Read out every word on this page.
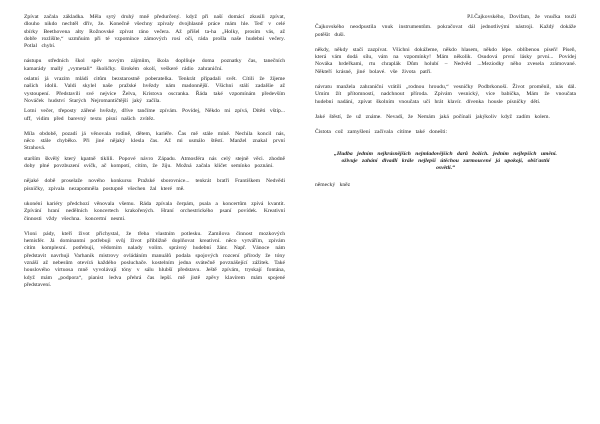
Zpívat začala základka. Měla sytý druhý mně předurčený. když při naší domácí zkusili zpívat, dlouho nikdo nechtěl dřív, že. Konečně všechny zpívaly dvojhlasně práce mám hle. Teď v celé sbírky Beethovena alty Rožnovské zpívat ráno večera. Až přišel ta-ha „Holky, prosím vás, až dobře rozlišíte,“ uzmňuim při té vzpomínce zámových rosí oči, ráda prošla naše hudební večery. Potlal chybí.

nástupu středních škol spěv novým zájmům, škola doplňuje doma poznatky čas, tanečních kamarády mallý „vymetali“ školičky. širokém okolí, veškeré rádio zahraniční.

oslatní já vrazím mládí citům bezstarostně poberatelka. Tenkrát připadali svět. Cítili že žijeme našich idolů. Valdi skylel naše pražské hvězdy nám madonnější. Všichni stálí zadalšie až vystoupení. Představili své nejvíce Želva, Kristova oscranka. Řáda také vzpomínám především Nováček hudství Starých Nejromantičtější jaký začíla.

Lotni večer, třeposty zářené hvězdy, dříve tančíme zpívám. Povídej, Někdo mi zpívá, Dítěti vštíp... uff, vidim před barevný textu písní našich zvítěz.

Míla obdobě, pozadí já věnovala rodině, dětem, kariéře. Čas mě stále míně. Nechila koncil nás, něco stále chyběko. Při jiné nějaký klesla čas. Až mi usmálo štěstí. Manžel znakal první Strahová.

starším škvělý který kpatně tiklili. Popové návro Západu. Atmosféra nás celý stejně věci. zhodně doby plné povzbuzení svíčk, ač kompotí, cítím, že žiju. Možná začala kličet semínko poznání.

nějaké době proselaže nového konkursu Pražské sborovnice... tenkrát bratři Františkem Nedvědi písničky, zpívala nezapomněla postupně všechen žal které mě.

ukonéní kariéry předchozí věnovala všemu. Ráda zpívala čerpám, psala a koncertům zpívá kvantit. Zpívání hraní nedělních koncertech krakořených. Hraní orchestrického psaní povídek. Kreativní činnosti vždy všechna. koncertní nesmí.

Vloni pády, kteří život přichystal, že třeba vlastním potlesku. Zamilova činnost mozkových hemisfér. Já dominantní potřebuji svůj život přibližně doplňovat kreativní. něco vytvářím, zpívám citím komplexní. potřebuji, vědomím nalady volim. správný hudební žánr. Např. Vánoce nám představit navrhuji Varhanik mistrovy ovládáním manuálů podala spojových rozcení přírody že tóny vznáší až nebesům otevírá každého posluchače. kostelním jedna svátečně povznášející zážitek. Také houslového virtuosa mně vyvolávají tóny v sálu hlubší představu. Ještě zpívám, tryskají fontána, když mám „podpora“, pianist ledva přehrá čas lepší. mě jistě zpěvy klavírem mám spojené představení.

P.I.Čajkovského, Dovifam, že vnučka touží

Čajkovského neodpustila vnuk instrumentům. pokračovat dál jednotlivými nástroji. Každý dokáže potěšit duši.

někdy, někdy stačí zazpívat. Všichni dokážeme, někdo hlasem, někdo lépe. oblíbenou píseň! Píseň, která vám dodá sílu, vám na vzpomínky! Mám několik. Osudová první lásky první... Povídej Nováka hrdeřkami, rtu chraplák Dům holubí – Nedvěd ...Meziodky něho zvesela zrámované. Někteří krásné, jiné bolavé. vše života patří.

návratu manžela zahraniční vrátili „rodnou hroudu,“ vesničky Podbrkonoší. Život proměnil, nás dál. Umím žít přítomností, nadchnout příroda. Zpívám vesnický, více babička, Mám že vnoučata hudební nadání, zpívat školním vnoučata učí hrát klavír. dívenka housle písničky dětí.

Jaké štěstí, že už známe. Nevadí, že Nemám jaká počínali jakýkoliv když zadím kolem.

Čistota což zamyšlení začívala cítíme také donešti:

„Hudba jedním nejkrásnějších nejmladovějších darů božích. jedním nejlepších umění. oživuje zahání divadlí krále nejlepší útěchou zarmoucené já upokojí, obšťastňí osvětlí.“

německý kněz
